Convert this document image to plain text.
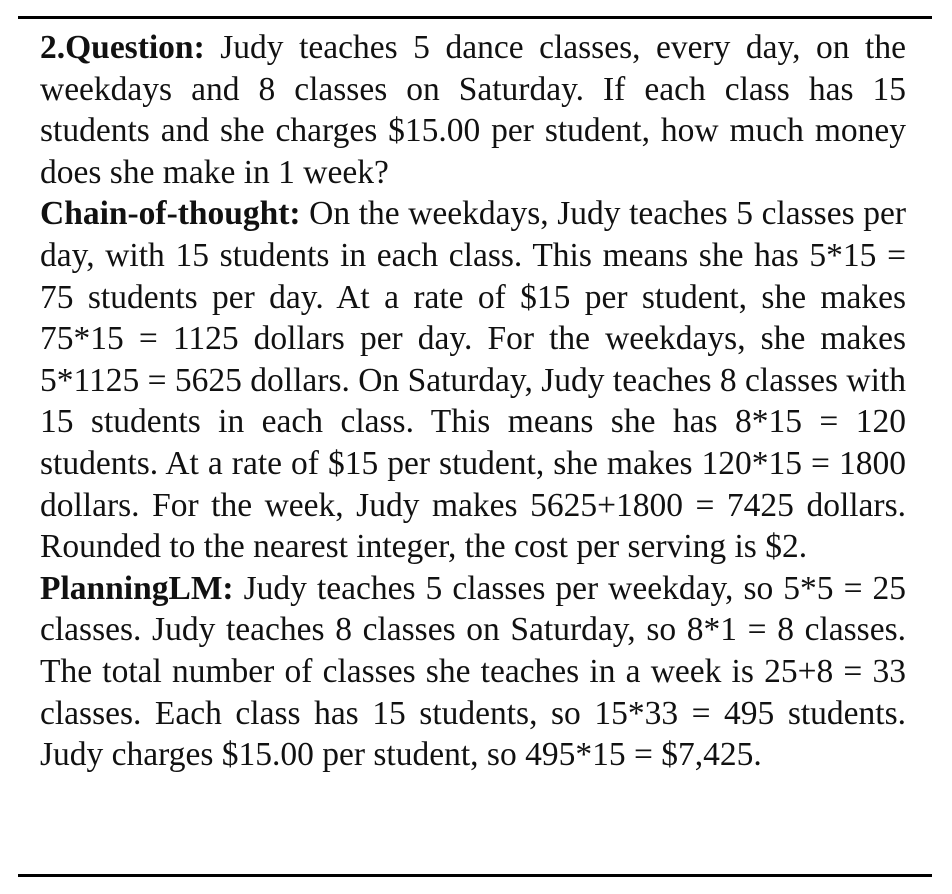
2.Question: Judy teaches 5 dance classes, every day, on the weekdays and 8 classes on Saturday. If each class has 15 students and she charges $15.00 per student, how much money does she make in 1 week?

Chain-of-thought: On the weekdays, Judy teaches 5 classes per day, with 15 students in each class. This means she has 5*15 = 75 students per day. At a rate of $15 per student, she makes 75*15 = 1125 dollars per day. For the weekdays, she makes 5*1125 = 5625 dollars. On Saturday, Judy teaches 8 classes with 15 students in each class. This means she has 8*15 = 120 students. At a rate of $15 per student, she makes 120*15 = 1800 dollars. For the week, Judy makes 5625+1800 = 7425 dollars. Rounded to the nearest integer, the cost per serving is $2.

PlanningLM: Judy teaches 5 classes per weekday, so 5*5 = 25 classes. Judy teaches 8 classes on Saturday, so 8*1 = 8 classes. The total number of classes she teaches in a week is 25+8 = 33 classes. Each class has 15 students, so 15*33 = 495 students. Judy charges $15.00 per student, so 495*15 = $7,425.
